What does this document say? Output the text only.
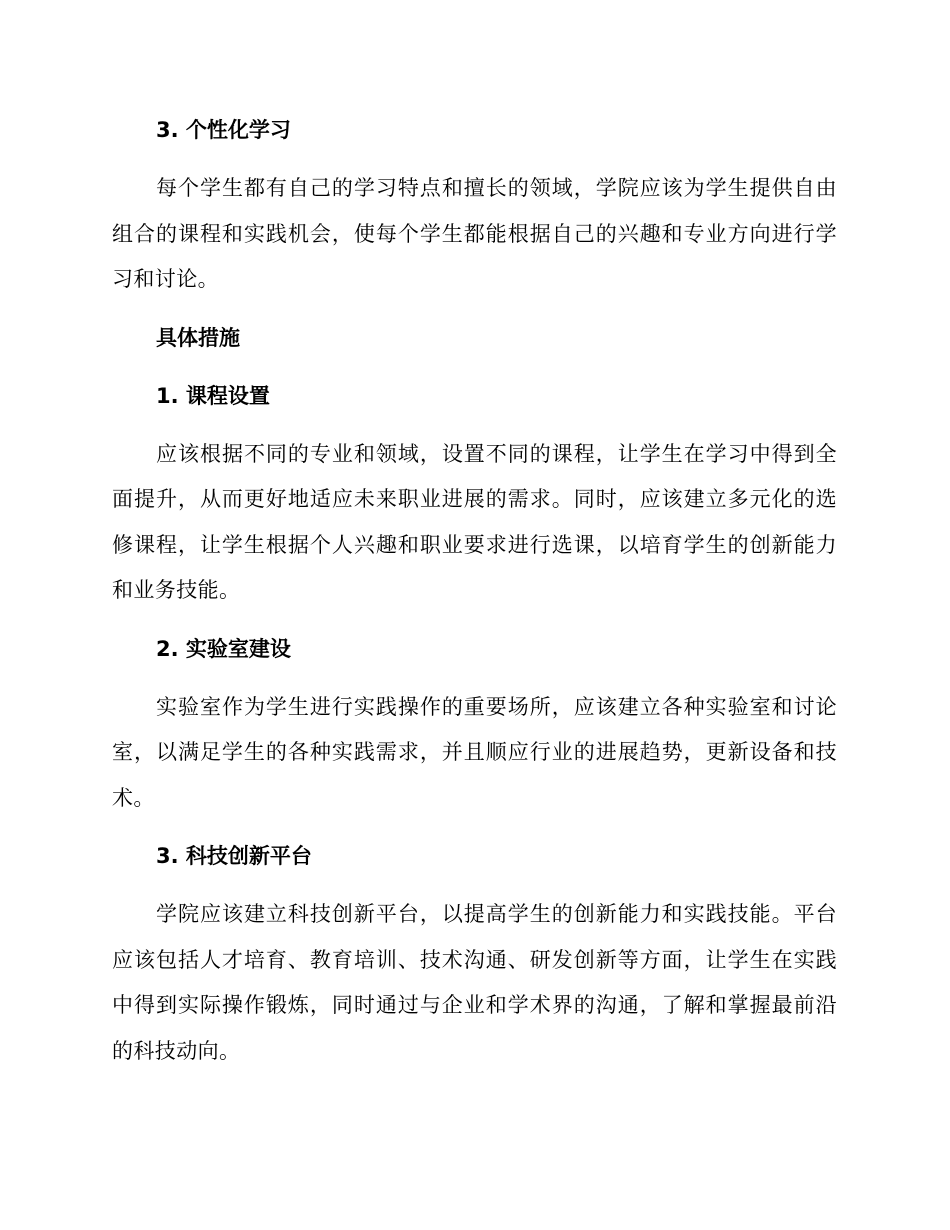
3. 个性化学习

每个学生都有自己的学习特点和擅长的领域，学院应该为学生提供自由组合的课程和实践机会，使每个学生都能根据自己的兴趣和专业方向进行学习和讨论。

具体措施
1. 课程设置

应该根据不同的专业和领域，设置不同的课程，让学生在学习中得到全面提升，从而更好地适应未来职业进展的需求。同时，应该建立多元化的选修课程，让学生根据个人兴趣和职业要求进行选课，以培育学生的创新能力和业务技能。

2. 实验室建设

实验室作为学生进行实践操作的重要场所，应该建立各种实验室和讨论室，以满足学生的各种实践需求，并且顺应行业的进展趋势，更新设备和技术。

3. 科技创新平台

学院应该建立科技创新平台，以提高学生的创新能力和实践技能。平台应该包括人才培育、教育培训、技术沟通、研发创新等方面，让学生在实践中得到实际操作锻炼，同时通过与企业和学术界的沟通，了解和掌握最前沿的科技动向。
